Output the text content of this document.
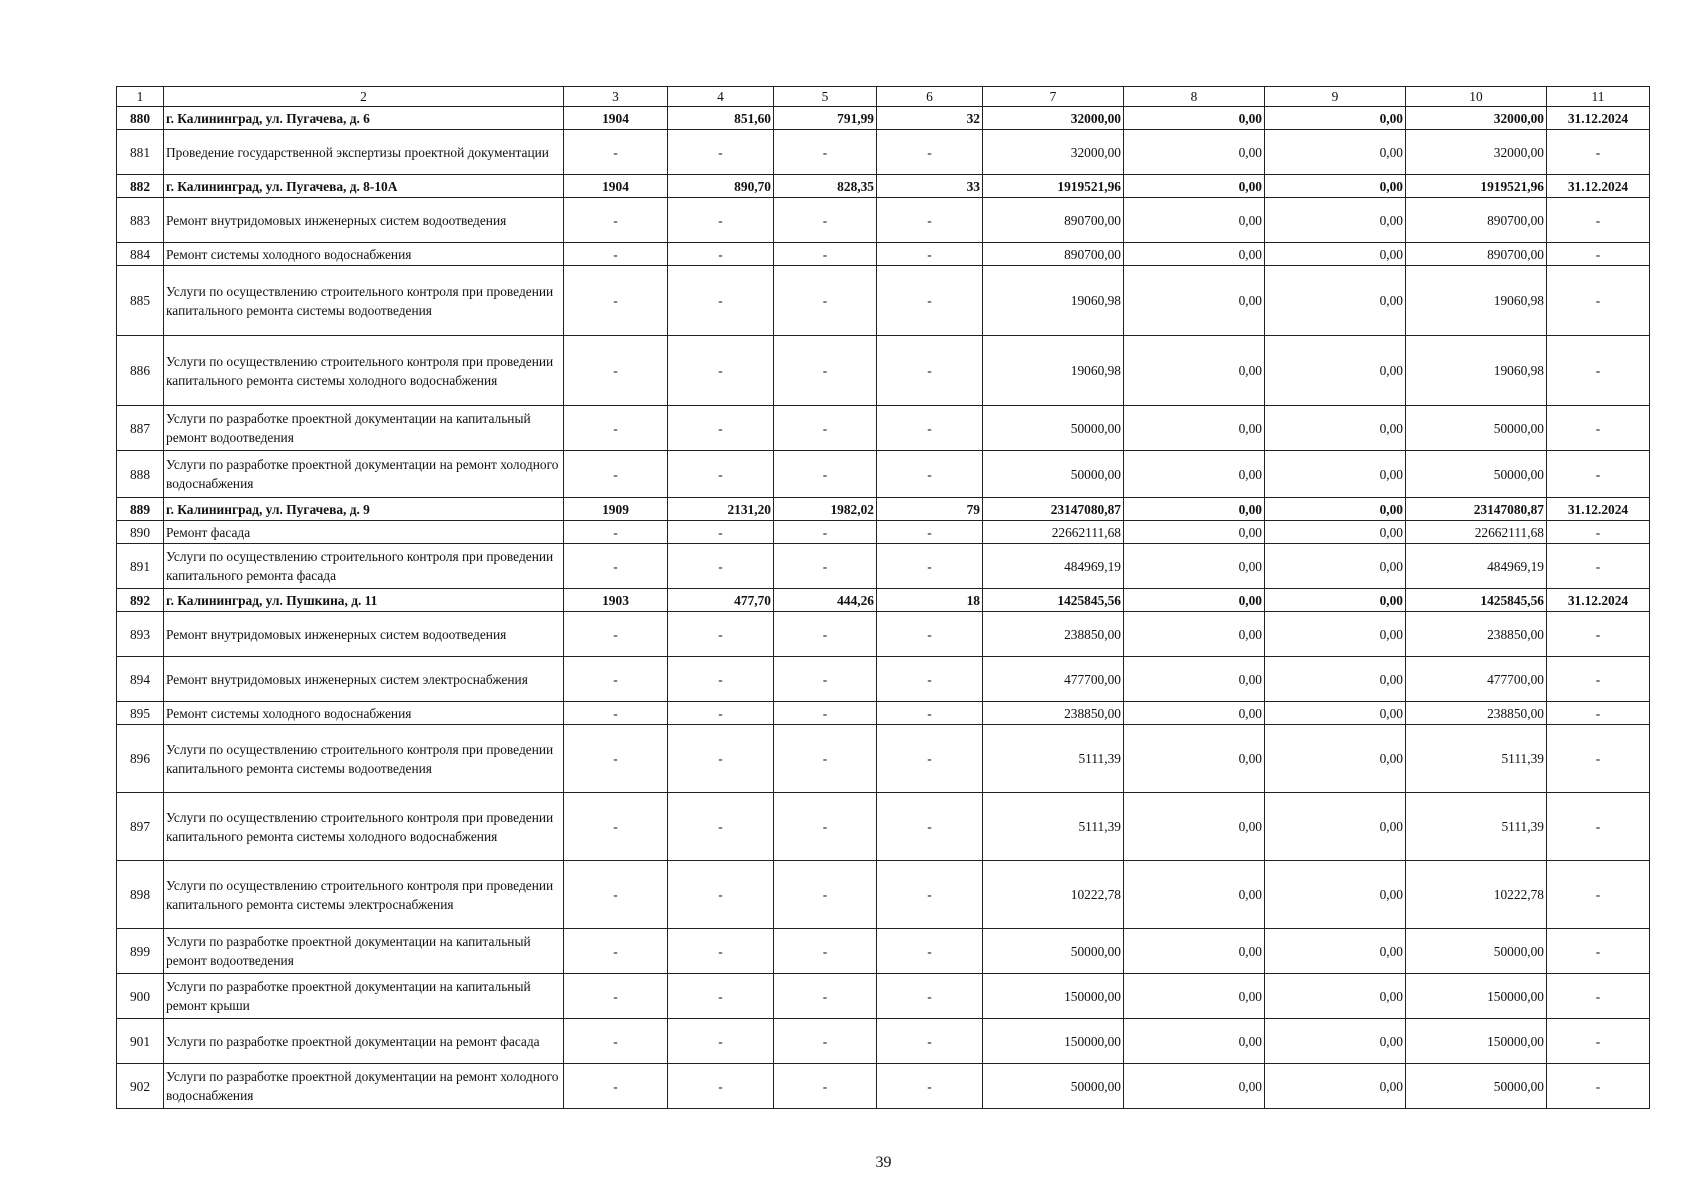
1	2	3	4	5	6	7	8	9	10	11
880	г. Калининград, ул. Пугачева, д. 6	1904	851,60	791,99	32	32000,00	0,00	0,00	32000,00	31.12.2024
881	Проведение государственной экспертизы проектной документации	-	-	-	-	32000,00	0,00	0,00	32000,00	-
882	г. Калининград, ул. Пугачева, д. 8-10А	1904	890,70	828,35	33	1919521,96	0,00	0,00	1919521,96	31.12.2024
883	Ремонт внутридомовых инженерных систем водоотведения	-	-	-	-	890700,00	0,00	0,00	890700,00	-
884	Ремонт системы холодного водоснабжения	-	-	-	-	890700,00	0,00	0,00	890700,00	-
885	Услуги по осуществлению строительного контроля при проведении капитального ремонта системы водоотведения	-	-	-	-	19060,98	0,00	0,00	19060,98	-
886	Услуги по осуществлению строительного контроля при проведении капитального ремонта системы холодного водоснабжения	-	-	-	-	19060,98	0,00	0,00	19060,98	-
887	Услуги по разработке проектной документации на капитальный ремонт водоотведения	-	-	-	-	50000,00	0,00	0,00	50000,00	-
888	Услуги по разработке проектной документации на ремонт холодного водоснабжения	-	-	-	-	50000,00	0,00	0,00	50000,00	-
889	г. Калининград, ул. Пугачева, д. 9	1909	2131,20	1982,02	79	23147080,87	0,00	0,00	23147080,87	31.12.2024
890	Ремонт фасада	-	-	-	-	22662111,68	0,00	0,00	22662111,68	-
891	Услуги по осуществлению строительного контроля при проведении капитального ремонта фасада	-	-	-	-	484969,19	0,00	0,00	484969,19	-
892	г. Калининград, ул. Пушкина, д. 11	1903	477,70	444,26	18	1425845,56	0,00	0,00	1425845,56	31.12.2024
893	Ремонт внутридомовых инженерных систем водоотведения	-	-	-	-	238850,00	0,00	0,00	238850,00	-
894	Ремонт внутридомовых инженерных систем электроснабжения	-	-	-	-	477700,00	0,00	0,00	477700,00	-
895	Ремонт системы холодного водоснабжения	-	-	-	-	238850,00	0,00	0,00	238850,00	-
896	Услуги по осуществлению строительного контроля при проведении капитального ремонта системы водоотведения	-	-	-	-	5111,39	0,00	0,00	5111,39	-
897	Услуги по осуществлению строительного контроля при проведении капитального ремонта системы холодного водоснабжения	-	-	-	-	5111,39	0,00	0,00	5111,39	-
898	Услуги по осуществлению строительного контроля при проведении капитального ремонта системы электроснабжения	-	-	-	-	10222,78	0,00	0,00	10222,78	-
899	Услуги по разработке проектной документации на капитальный ремонт водоотведения	-	-	-	-	50000,00	0,00	0,00	50000,00	-
900	Услуги по разработке проектной документации на капитальный ремонт крыши	-	-	-	-	150000,00	0,00	0,00	150000,00	-
901	Услуги по разработке проектной документации на ремонт фасада	-	-	-	-	150000,00	0,00	0,00	150000,00	-
902	Услуги по разработке проектной документации на ремонт холодного водоснабжения	-	-	-	-	50000,00	0,00	0,00	50000,00	-
39
